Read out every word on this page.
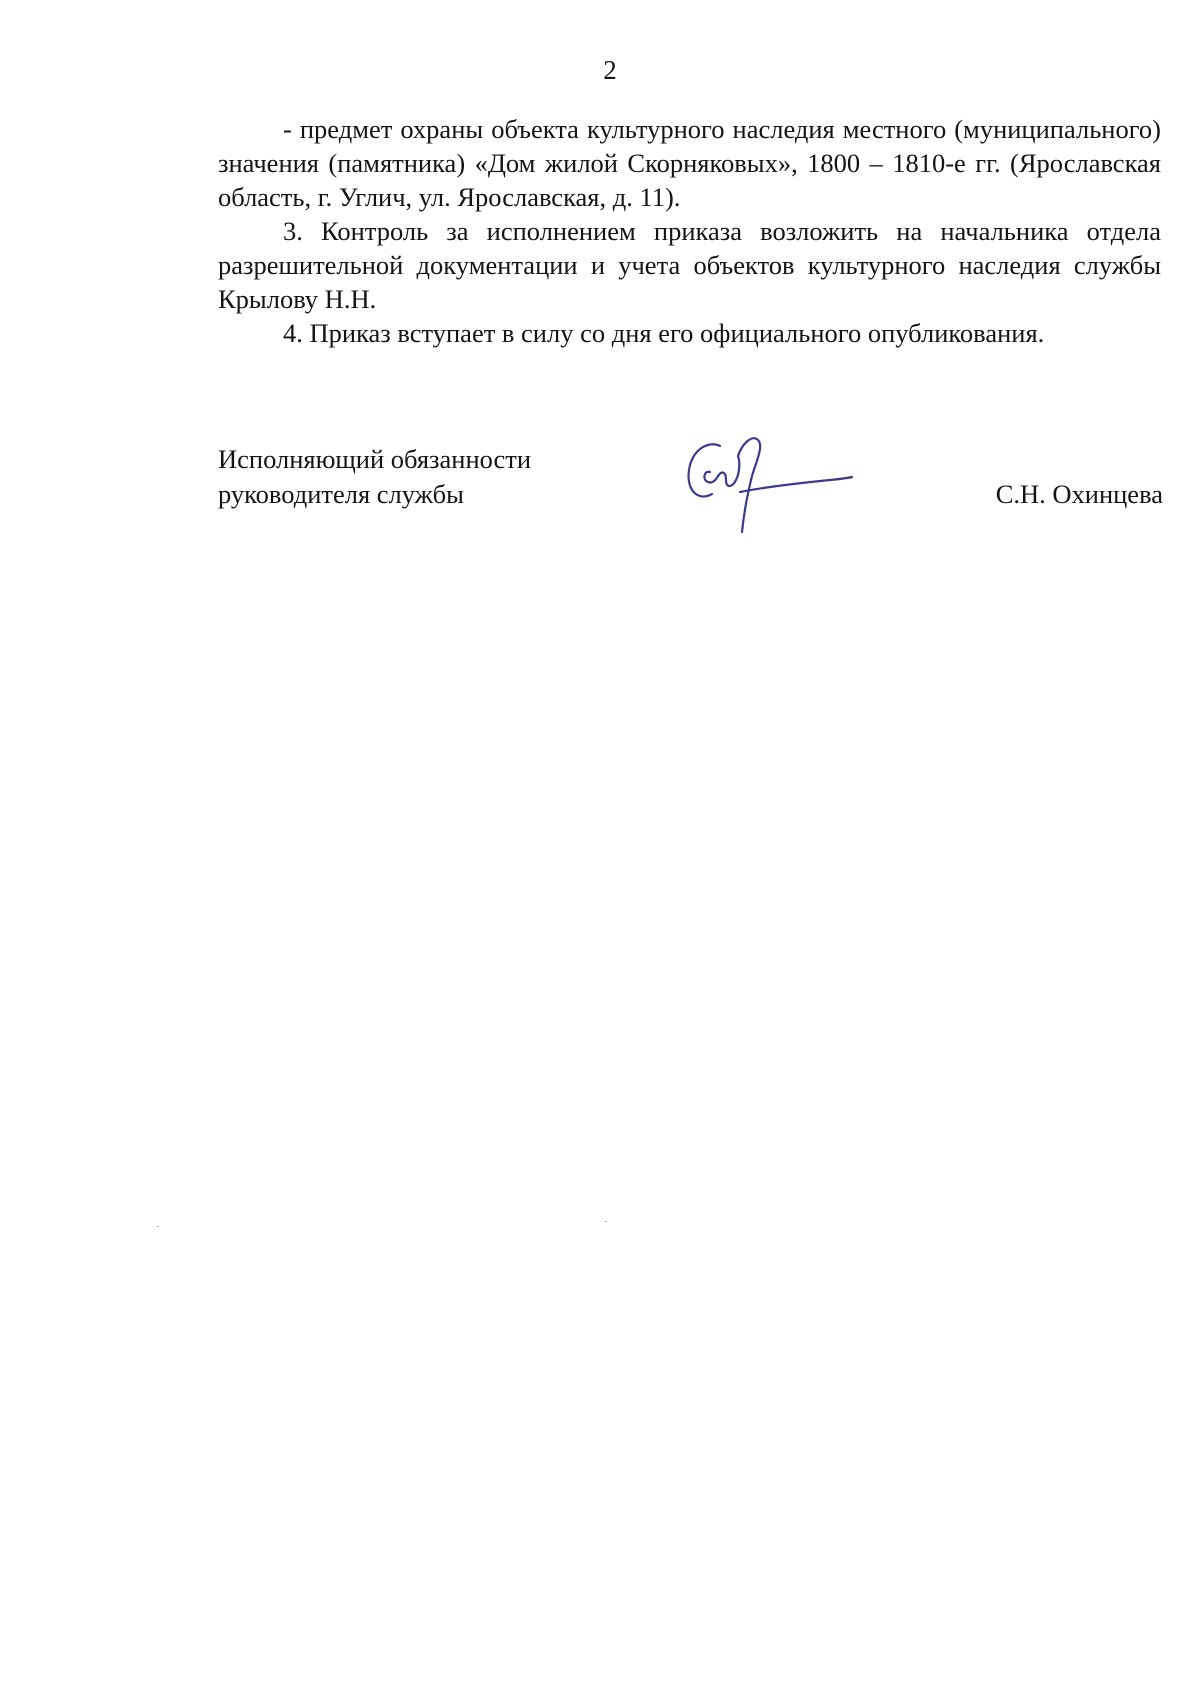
2

- предмет охраны объекта культурного наследия местного (муниципального) значения (памятника) «Дом жилой Скорняковых», 1800 – 1810-е гг. (Ярославская область, г. Углич, ул. Ярославская, д. 11).

3. Контроль за исполнением приказа возложить на начальника отдела разрешительной документации и учета объектов культурного наследия службы Крылову Н.Н.

4. Приказ вступает в силу со дня его официального опубликования.

Исполняющий обязанности
руководителя службы	С.Н. Охинцева
